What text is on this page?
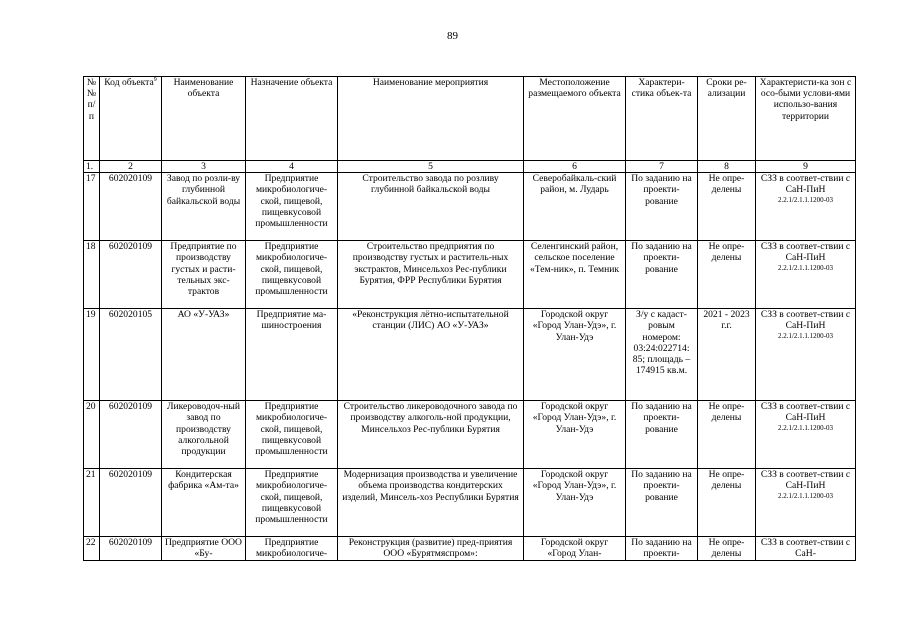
89
№ № п/п	Код объекта$^9$	Наименование объекта	Назначение объекта	Наименование мероприятия	Местоположение размещаемого объекта	Характери-стика объек-та	Сроки ре-ализации	Характеристи-ка зон с осо-быми услови-ями использо-вания территории
1.	2	3	4	5	6	7	8	9
17	602020109	Завод по розли-ву глубинной байкальской воды	Предприятие микробиологиче-ской, пищевой, пищевкусовой промышленности	Строительство завода по розливу глубинной байкальской воды	Северобайкаль-ский район, м. Лударь	По заданию на проекти-рование	Не опре-делены	СЗЗ в соответ-ствии с СаН-ПиН
2.2.1/2.1.1.1200-03

18	602020109	Предприятие по производству густых и расти-тельных экс-трактов	Предприятие микробиологиче-ской, пищевой, пищевкусовой промышленности	Строительство предприятия по производству густых и раститель-ных экстрактов, Минсельхоз Рес-публики Бурятия, ФРР Республики Бурятия	Селенгинский район, сельское поселение «Тем-ник», п. Темник	По заданию на проекти-рование	Не опре-делены	СЗЗ в соответ-ствии с СаН-ПиН
2.2.1/2.1.1.1200-03

19	602020105	АО «У-УАЗ»	Предприятие ма-шиностроения	«Реконструкция лётно-испытательной станции (ЛИС) АО «У-УАЗ»	Городской округ «Город Улан-Удэ», г. Улан-Удэ	З/у с кадаст-ровым номером: 03:24:022714: 85; площадь – 174915 кв.м.	2021 - 2023 г.г.	СЗЗ в соответ-ствии с СаН-ПиН
2.2.1/2.1.1.1200-03

20	602020109	Ликероводоч-ный завод по производству алкогольной продукции	Предприятие микробиологиче-ской, пищевой, пищевкусовой промышленности	Строительство ликероводочного завода по производству алкоголь-ной продукции, Минсельхоз Рес-публики Бурятия	Городской округ «Город Улан-Удэ», г. Улан-Удэ	По заданию на проекти-рование	Не опре-делены	СЗЗ в соответ-ствии с СаН-ПиН
2.2.1/2.1.1.1200-03

21	602020109	Кондитерская фабрика «Ам-та»	Предприятие микробиологиче-ской, пищевой, пищевкусовой промышленности	Модернизация производства и увеличение объема производства кондитерских изделий, Минсель-хоз Республики Бурятия	Городской округ «Город Улан-Удэ», г. Улан-Удэ	По заданию на проекти-рование	Не опре-делены	СЗЗ в соответ-ствии с СаН-ПиН
2.2.1/2.1.1.1200-03

22	602020109	Предприятие ООО «Бу-	Предприятие микробиологиче-	Реконструкция (развитие) пред-приятия ООО «Бурятмяспром»:	Городской округ «Город Улан-	По заданию на проекти-	Не опре-делены	СЗЗ в соответ-ствии с СаН-
